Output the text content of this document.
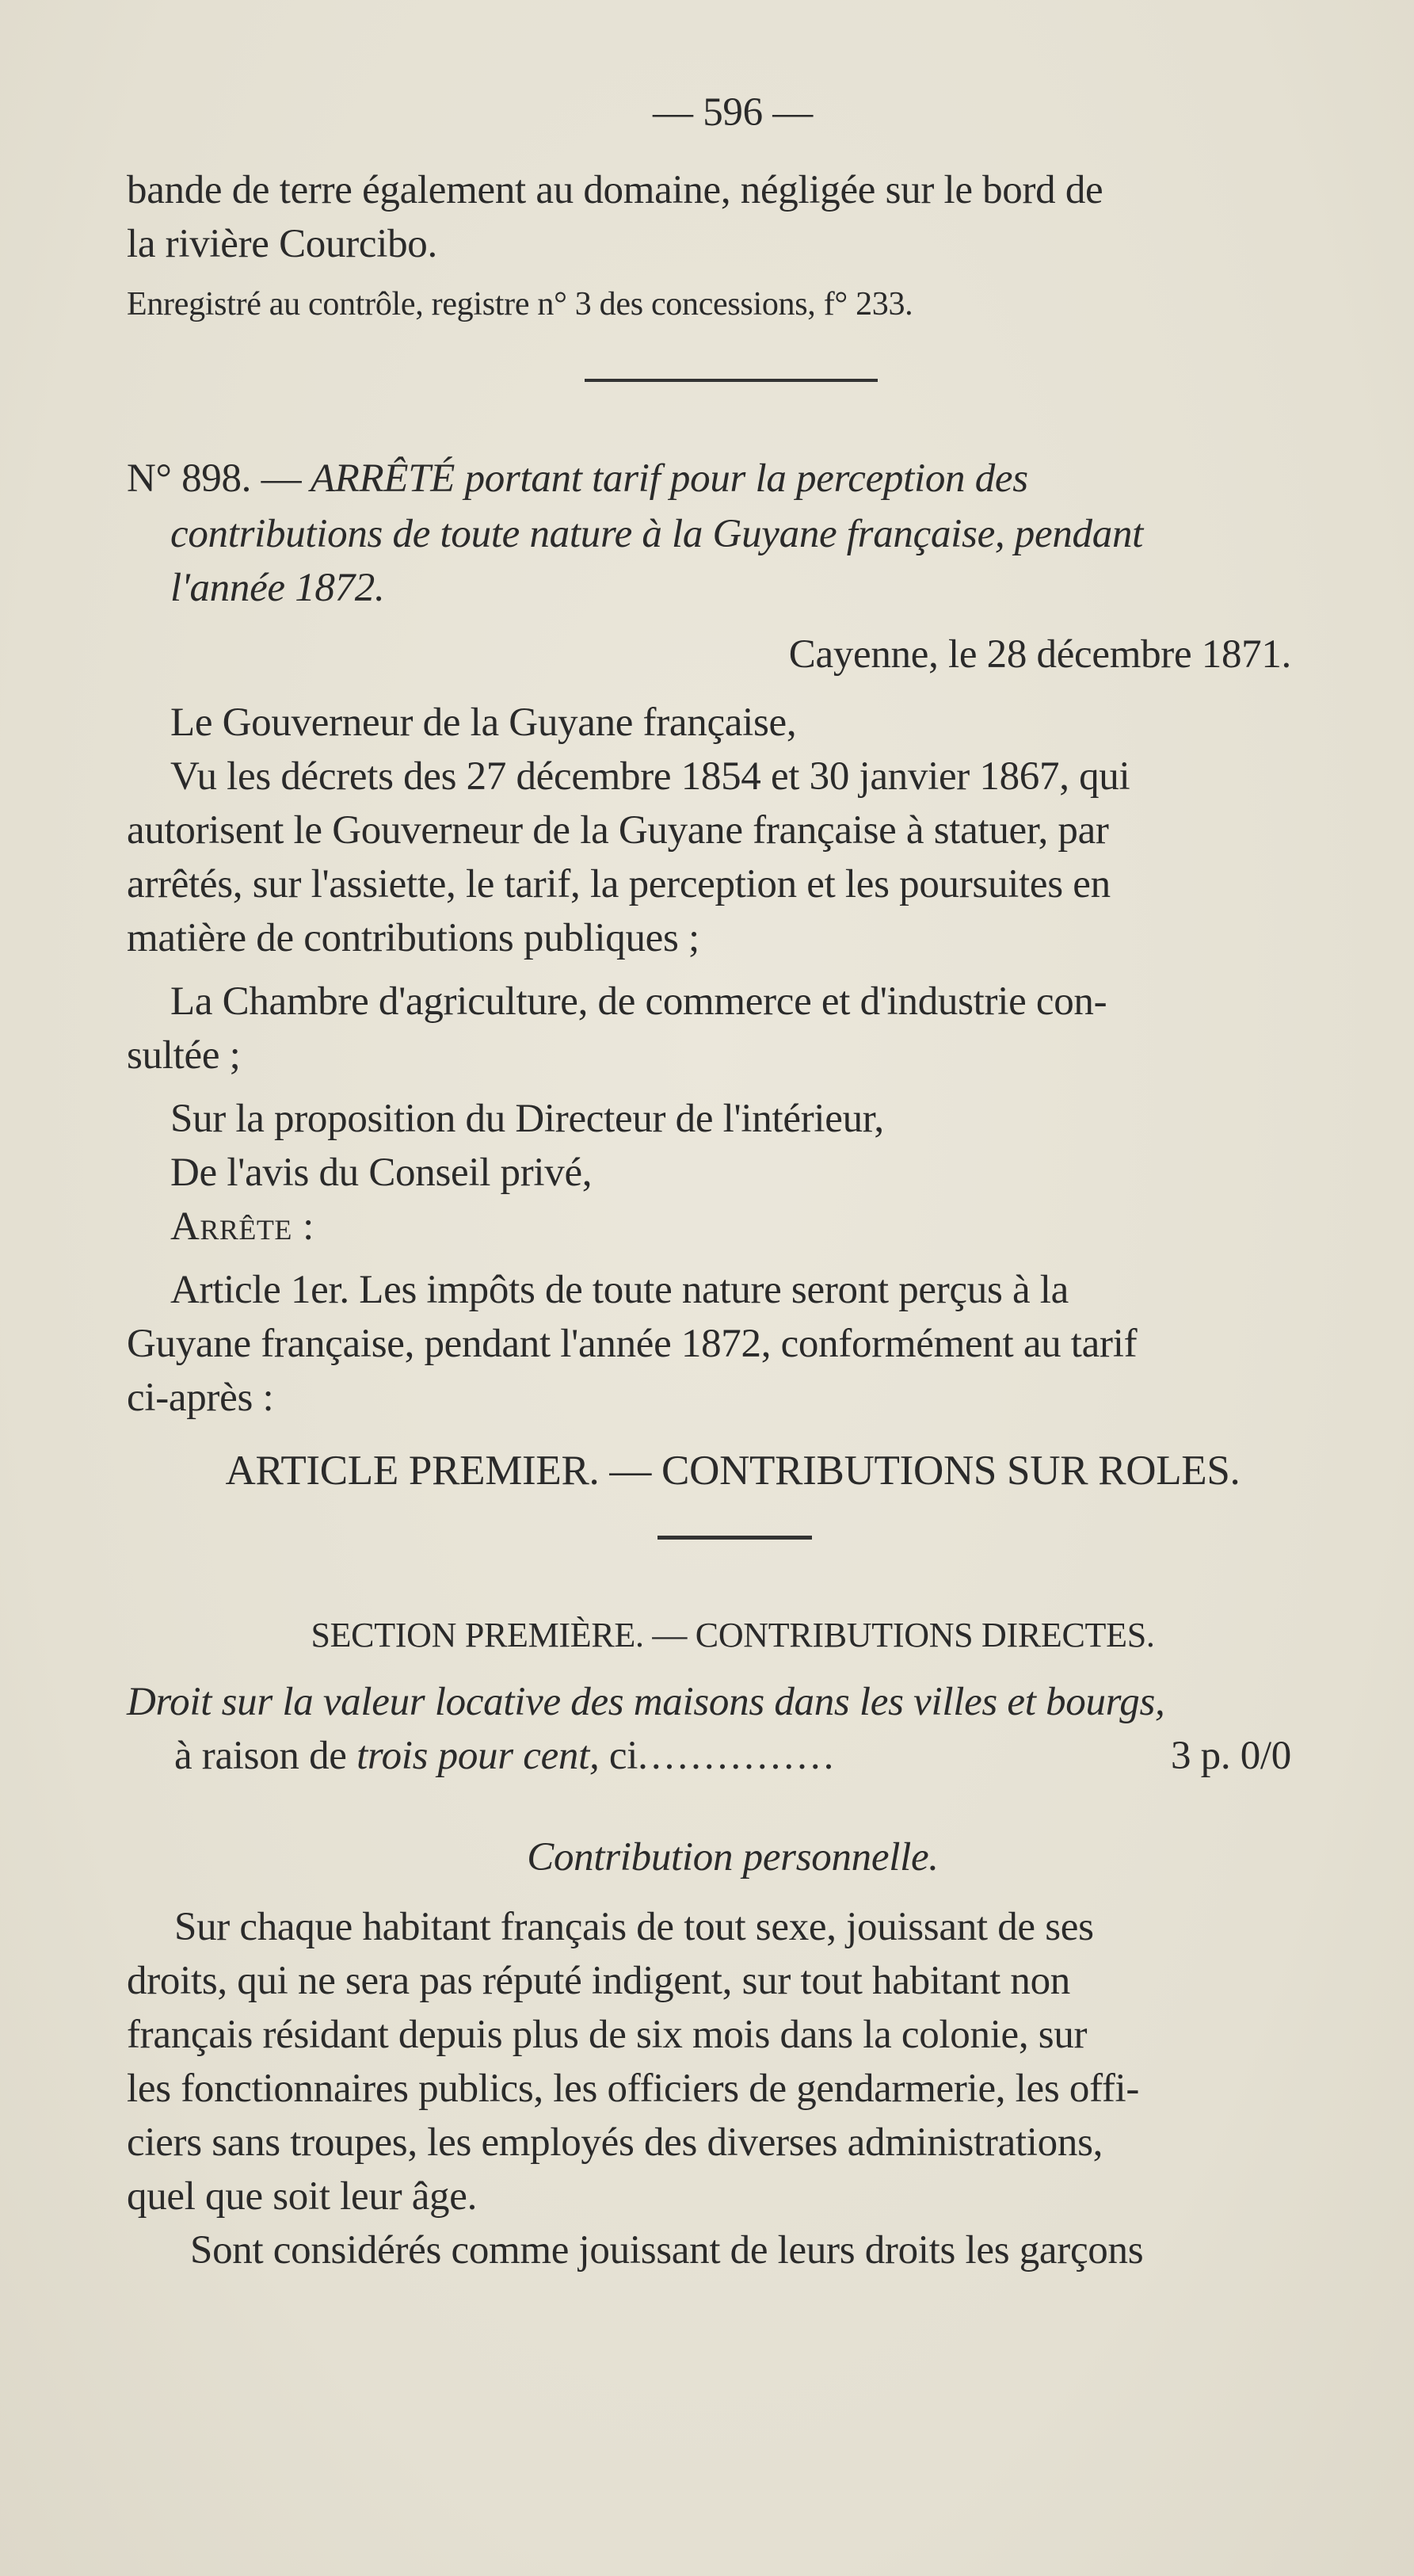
— 596 —
bande de terre également au domaine, négligée sur le bord de
la rivière Courcibo.
Enregistré au contrôle, registre n° 3 des concessions, f° 233.
N° 898. — ARRÊTÉ portant tarif pour la perception des
contributions de toute nature à la Guyane française, pendant
l'année 1872.
Cayenne, le 28 décembre 1871.
Le Gouverneur de la Guyane française,
Vu les décrets des 27 décembre 1854 et 30 janvier 1867, qui
autorisent le Gouverneur de la Guyane française à statuer, par
arrêtés, sur l'assiette, le tarif, la perception et les poursuites en
matière de contributions publiques ;
La Chambre d'agriculture, de commerce et d'industrie con-
sultée ;
Sur la proposition du Directeur de l'intérieur,
De l'avis du Conseil privé,
Arrête :
Article 1er. Les impôts de toute nature seront perçus à la
Guyane française, pendant l'année 1872, conformément au tarif
ci-après :
ARTICLE PREMIER. — CONTRIBUTIONS SUR ROLES.
SECTION PREMIÈRE. — CONTRIBUTIONS DIRECTES.
Droit sur la valeur locative des maisons dans les villes et bourgs,
à raison de trois pour cent, ci...............	3 p. 0/0
Contribution personnelle.
Sur chaque habitant français de tout sexe, jouissant de ses
droits, qui ne sera pas réputé indigent, sur tout habitant non
français résidant depuis plus de six mois dans la colonie, sur
les fonctionnaires publics, les officiers de gendarmerie, les offi-
ciers sans troupes, les employés des diverses administrations,
quel que soit leur âge.
Sont considérés comme jouissant de leurs droits les garçons
